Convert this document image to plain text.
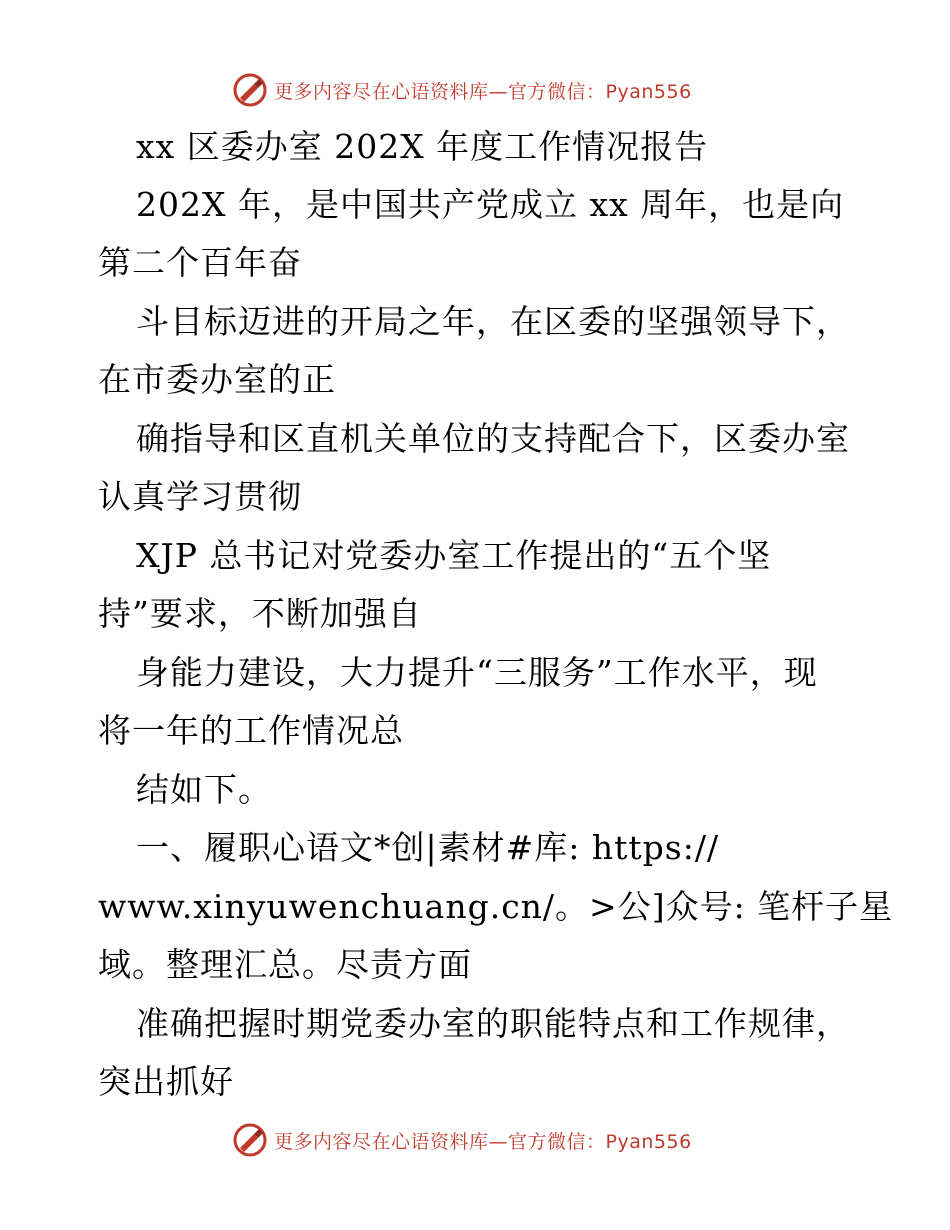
更多内容尽在心语资料库—官方微信：Pyan556
xx 区委办室 202X 年度工作情况报告
202X 年，是中国共产党成立 xx 周年，也是向
第二个百年奋
斗目标迈进的开局之年，在区委的坚强领导下，
在市委办室的正
确指导和区直机关单位的支持配合下，区委办室
认真学习贯彻
XJP 总书记对党委办室工作提出的“五个坚
持”要求，不断加强自
身能力建设，大力提升“三服务”工作水平，现
将一年的工作情况总
结如下。
一、履职心语文*创|素材#库: https://
www.xinyuwenchuang.cn/。>公]众号: 笔杆子星
域。整理汇总。尽责方面
准确把握时期党委办室的职能特点和工作规律，
突出抓好
更多内容尽在心语资料库—官方微信：Pyan556
